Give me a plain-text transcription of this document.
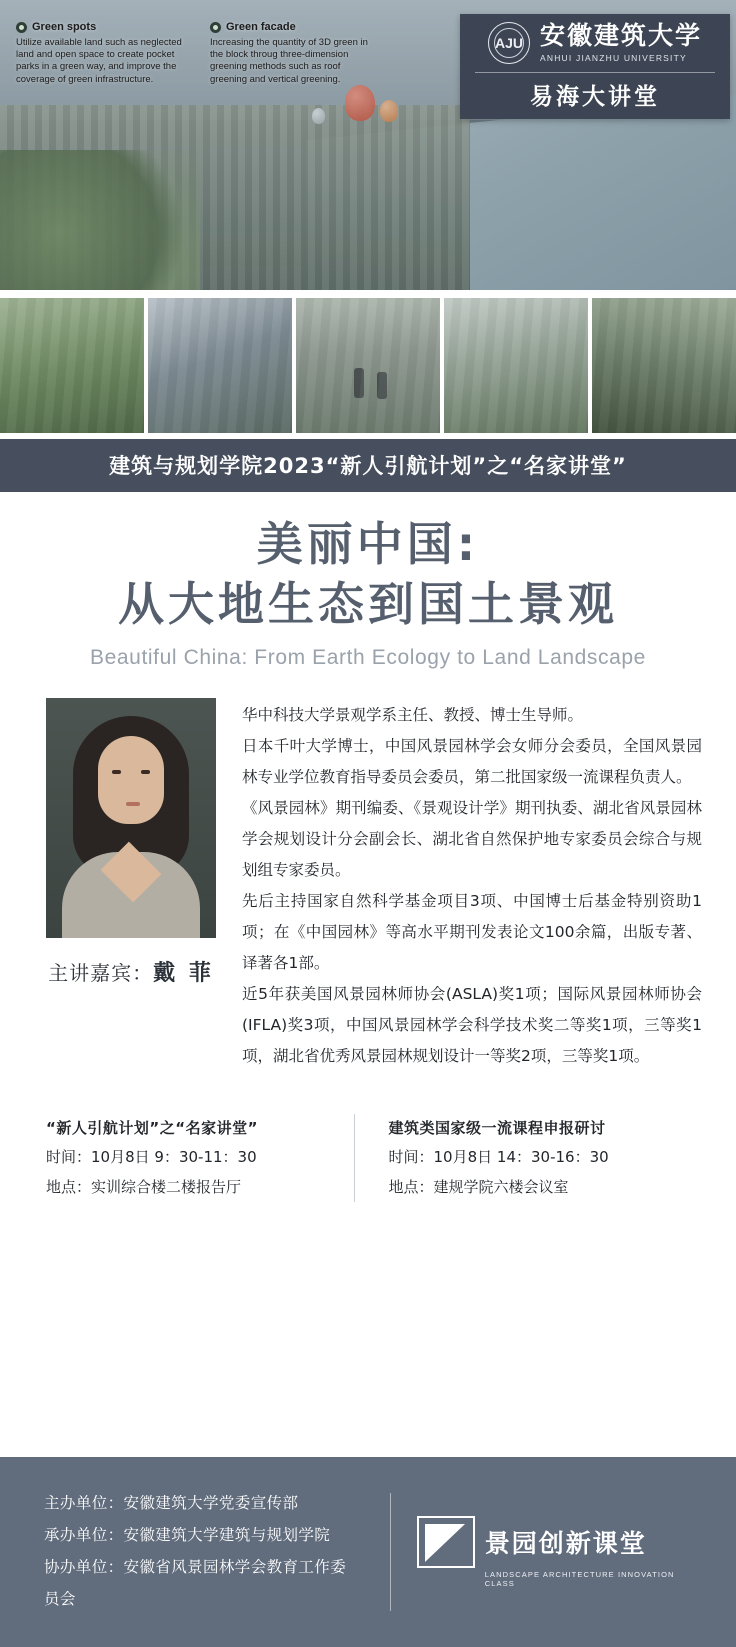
Green spots
Utilize available land such as neglected land and open space to create pocket parks in a green way, and improve the coverage of green infrastructure.
Green facade
Increasing the quantity of 3D green in the block throug three-dimension greening methods such as roof greening and vertical greening.
AJU 安徽建筑大学
ANHUI JIANZHU UNIVERSITY
易海大讲堂
建筑与规划学院2023“新人引航计划”之“名家讲堂”
美丽中国:
从大地生态到国土景观
Beautiful China: From Earth Ecology to Land Landscape
主讲嘉宾：戴 菲

华中科技大学景观学系主任、教授、博士生导师。

日本千叶大学博士，中国风景园林学会女师分会委员，全国风景园林专业学位教育指导委员会委员，第二批国家级一流课程负责人。

《风景园林》期刊编委、《景观设计学》期刊执委、湖北省风景园林学会规划设计分会副会长、湖北省自然保护地专家委员会综合与规划组专家委员。

先后主持国家自然科学基金项目3项、中国博士后基金特别资助1项；在《中国园林》等高水平期刊发表论文100余篇，出版专著、译著各1部。

近5年获美国风景园林师协会(ASLA)奖1项；国际风景园林师协会(IFLA)奖3项，中国风景园林学会科学技术奖二等奖1项，三等奖1项，湖北省优秀风景园林规划设计一等奖2项，三等奖1项。

“新人引航计划”之“名家讲堂”
时间：10月8日 9：30-11：30
地点：实训综合楼二楼报告厅
建筑类国家级一流课程申报研讨
时间：10月8日 14：30-16：30
地点：建规学院六楼会议室
主办单位：安徽建筑大学党委宣传部
承办单位：安徽建筑大学建筑与规划学院
协办单位：安徽省风景园林学会教育工作委员会
景园创新课堂
LANDSCAPE ARCHITECTURE INNOVATION CLASS
